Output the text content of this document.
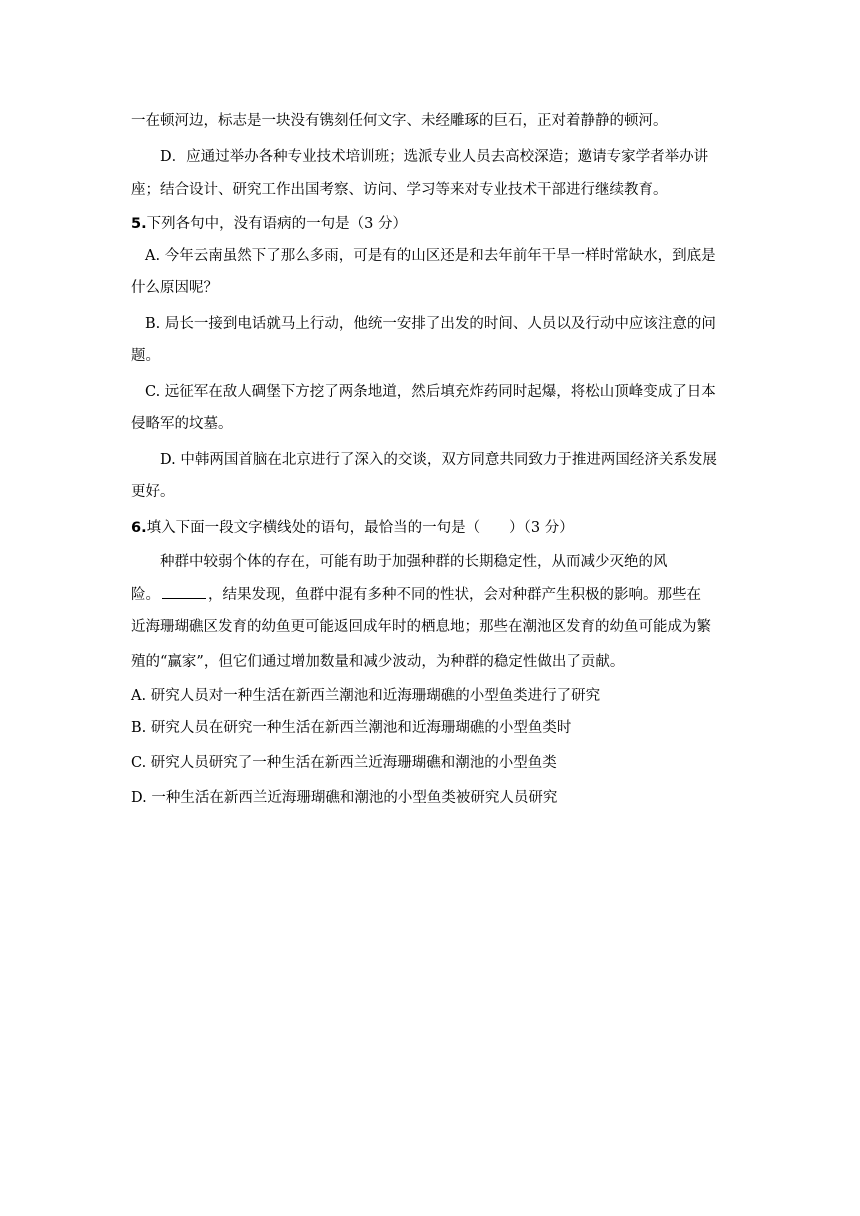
一在顿河边，标志是一块没有镌刻任何文字、未经雕琢的巨石，正对着静静的顿河。
D．应通过举办各种专业技术培训班；选派专业人员去高校深造；邀请专家学者举办讲
座；结合设计、研究工作出国考察、访问、学习等来对专业技术干部进行继续教育。
5.下列各句中，没有语病的一句是（3 分）
A. 今年云南虽然下了那么多雨，可是有的山区还是和去年前年干旱一样时常缺水，到底是
什么原因呢？
B. 局长一接到电话就马上行动，他统一安排了出发的时间、人员以及行动中应该注意的问
题。
C. 远征军在敌人碉堡下方挖了两条地道，然后填充炸药同时起爆，将松山顶峰变成了日本
侵略军的坟墓。
D. 中韩两国首脑在北京进行了深入的交谈，双方同意共同致力于推进两国经济关系发展
更好。
6.填入下面一段文字横线处的语句，最恰当的一句是（　　）（3 分）
种群中较弱个体的存在，可能有助于加强种群的长期稳定性，从而减少灭绝的风
险。	，结果发现，鱼群中混有多种不同的性状，会对种群产生积极的影响。那些在
近海珊瑚礁区发育的幼鱼更可能返回成年时的栖息地；那些在潮池区发育的幼鱼可能成为繁
殖的“赢家”，但它们通过增加数量和减少波动，为种群的稳定性做出了贡献。
A. 研究人员对一种生活在新西兰潮池和近海珊瑚礁的小型鱼类进行了研究
B. 研究人员在研究一种生活在新西兰潮池和近海珊瑚礁的小型鱼类时
C. 研究人员研究了一种生活在新西兰近海珊瑚礁和潮池的小型鱼类
D. 一种生活在新西兰近海珊瑚礁和潮池的小型鱼类被研究人员研究
